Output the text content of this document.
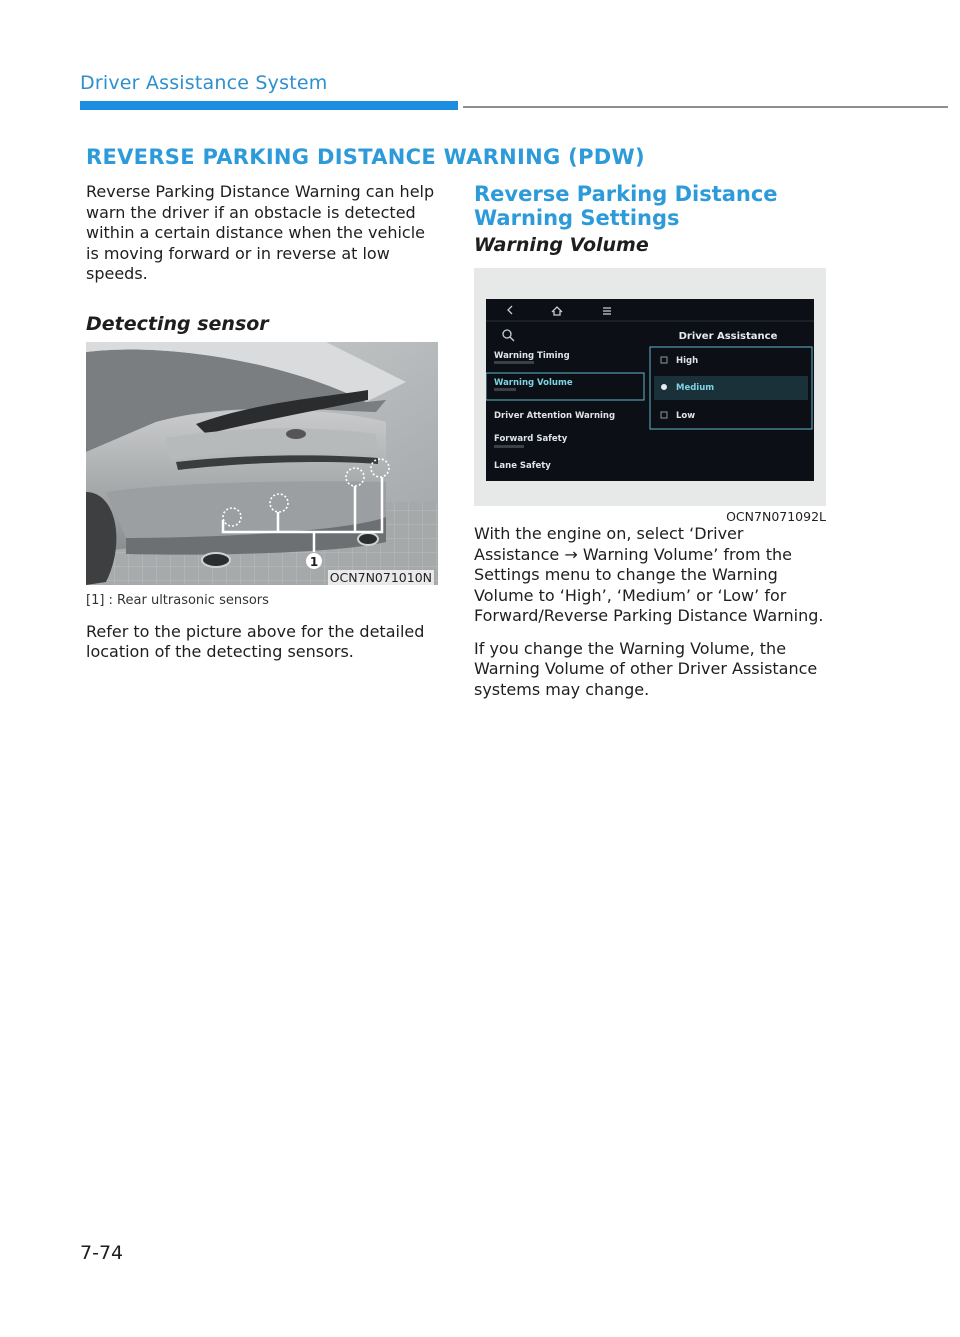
Driver Assistance System
REVERSE PARKING DISTANCE WARNING (PDW)

Reverse Parking Distance Warning can help warn the driver if an obstacle is detected within a certain distance when the vehicle is moving forward or in reverse at low speeds.

Detecting sensor

1
OCN7N071010N

[1] : Rear ultrasonic sensors

Refer to the picture above for the detailed location of the detecting sensors.

Reverse Parking Distance Warning Settings

Warning Volume

Driver Assistance
Warning Timing
Warning Volume
Driver Attention Warning
Forward Safety
Lane Safety
High
Medium
Low
OCN7N071092L

With the engine on, select ‘Driver Assistance → Warning Volume’ from the Settings menu to change the Warning Volume to ‘High’, ‘Medium’ or ‘Low’ for Forward/Reverse Parking Distance Warning.

If you change the Warning Volume, the Warning Volume of other Driver Assistance systems may change.

7-74
